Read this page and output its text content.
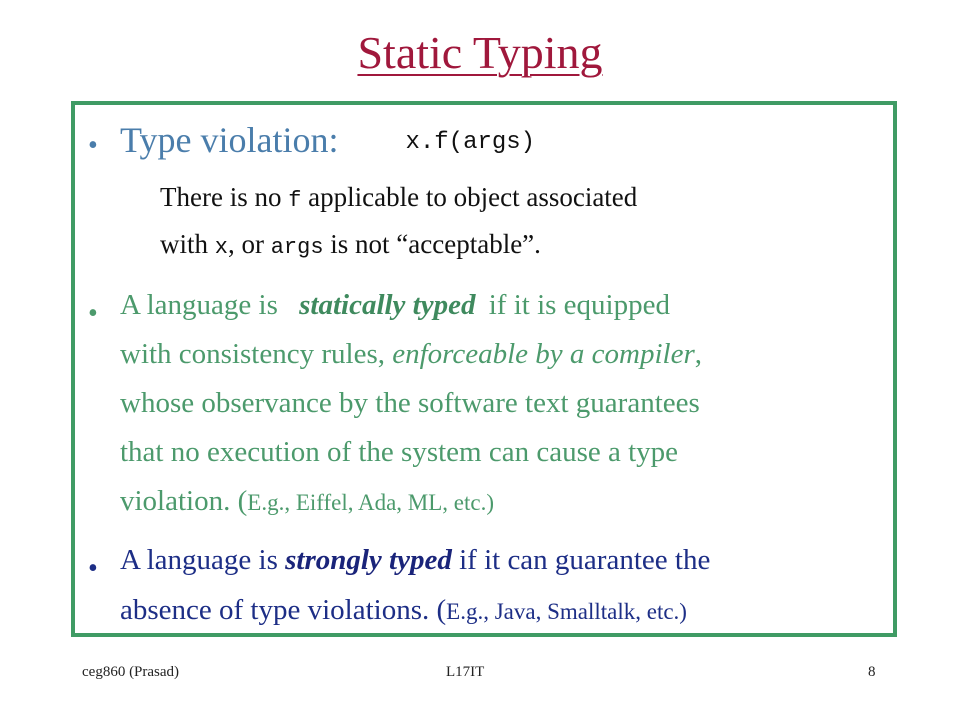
Static Typing
• Type violation:	x.f(args)
There is no f applicable to object associated
with x, or args is not “acceptable”.
• A language is statically typed if it is equipped
with consistency rules, enforceable by a compiler,
whose observance by the software text guarantees
that no execution of the system can cause a type
violation. (E.g., Eiffel, Ada, ML, etc.)
• A language is strongly typed if it can guarantee the
absence of type violations. (E.g., Java, Smalltalk, etc.)
ceg860 (Prasad)	L17IT	8
